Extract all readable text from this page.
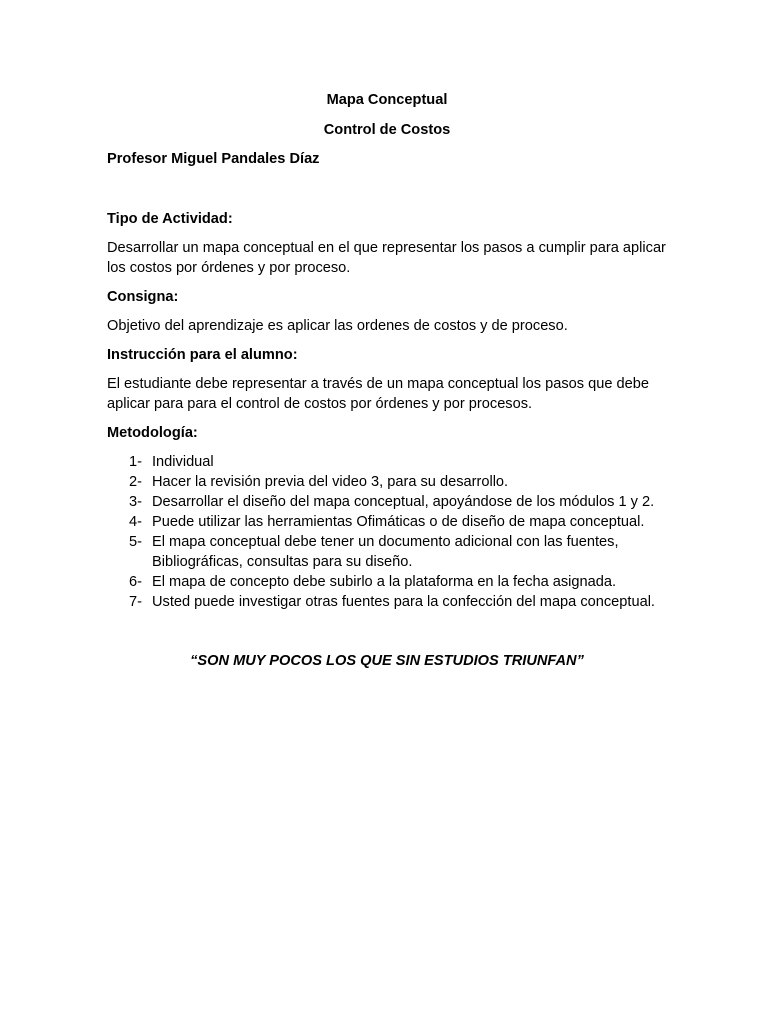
Mapa Conceptual
Control de Costos
Profesor Miguel Pandales Díaz
Tipo de Actividad:
Desarrollar un mapa conceptual en el que representar los pasos a cumplir para aplicar los costos por órdenes y por proceso.
Consigna:
Objetivo del aprendizaje es aplicar las ordenes de costos y de proceso.
Instrucción para el alumno:
El estudiante debe representar a través de un mapa conceptual los pasos que debe aplicar para para el control de costos por órdenes y por procesos.
Metodología:
1- Individual
2- Hacer la revisión previa del video 3, para su desarrollo.
3- Desarrollar el diseño del mapa conceptual, apoyándose de los módulos 1 y 2.
4- Puede utilizar las herramientas Ofimáticas o de diseño de mapa conceptual.
5- El mapa conceptual debe tener un documento adicional con las fuentes, Bibliográficas, consultas para su diseño.
6- El mapa de concepto debe subirlo a la plataforma en la fecha asignada.
7- Usted puede investigar otras fuentes para la confección del mapa conceptual.
“SON MUY POCOS LOS QUE SIN ESTUDIOS TRIUNFAN”
